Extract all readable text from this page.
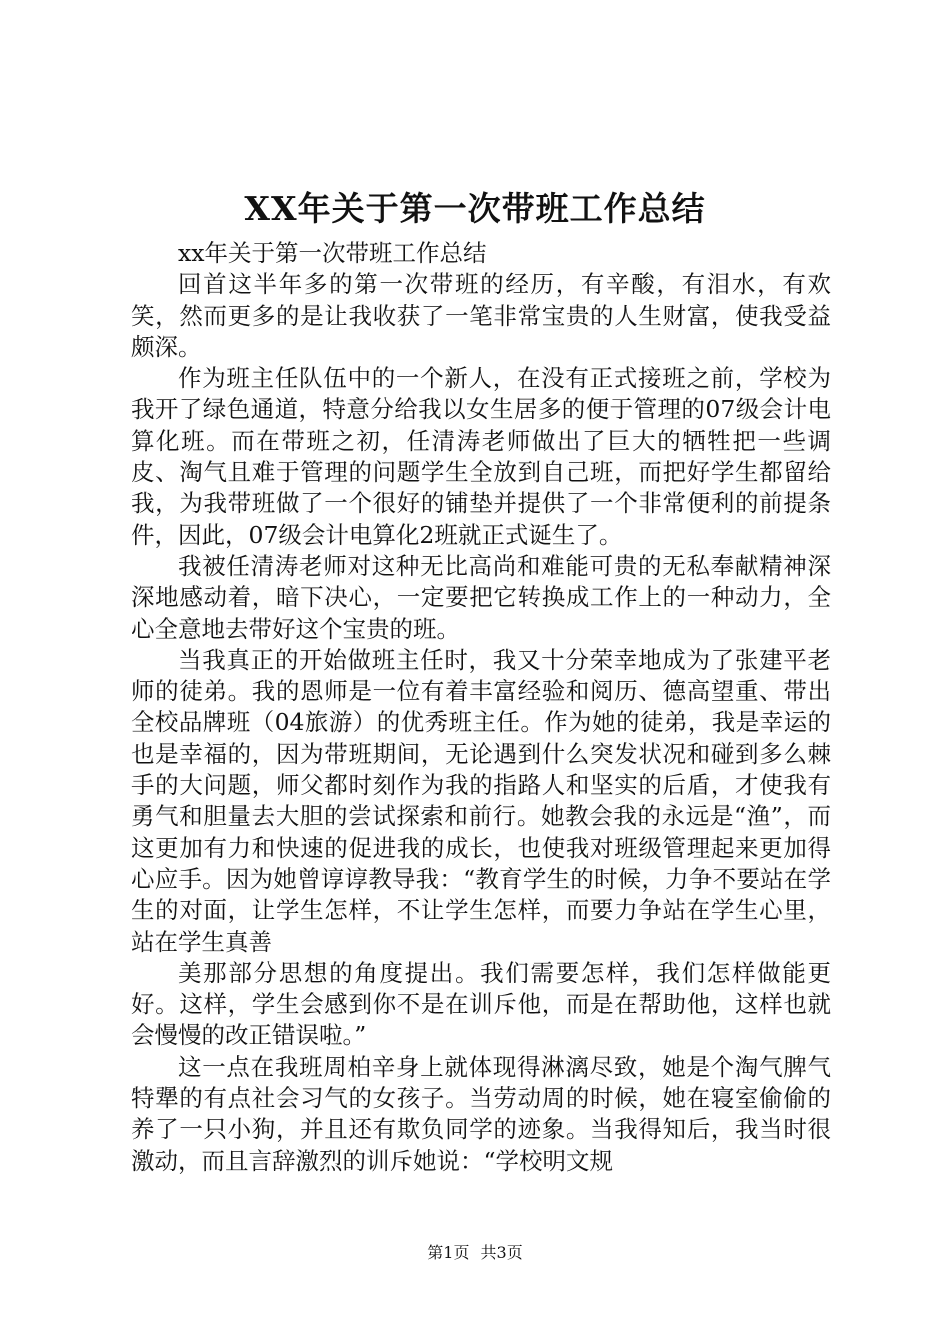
XX年关于第一次带班工作总结

xx年关于第一次带班工作总结

回首这半年多的第一次带班的经历，有辛酸，有泪水，有欢笑，然而更多的是让我收获了一笔非常宝贵的人生财富，使我受益颇深。

作为班主任队伍中的一个新人，在没有正式接班之前，学校为我开了绿色通道，特意分给我以女生居多的便于管理的07级会计电算化班。而在带班之初，任清涛老师做出了巨大的牺牲把一些调皮、淘气且难于管理的问题学生全放到自己班，而把好学生都留给我，为我带班做了一个很好的铺垫并提供了一个非常便利的前提条件，因此，07级会计电算化2班就正式诞生了。

我被任清涛老师对这种无比高尚和难能可贵的无私奉献精神深深地感动着，暗下决心，一定要把它转换成工作上的一种动力，全心全意地去带好这个宝贵的班。

当我真正的开始做班主任时，我又十分荣幸地成为了张建平老师的徒弟。我的恩师是一位有着丰富经验和阅历、德高望重、带出全校品牌班（04旅游）的优秀班主任。作为她的徒弟，我是幸运的也是幸福的，因为带班期间，无论遇到什么突发状况和碰到多么棘手的大问题，师父都时刻作为我的指路人和坚实的后盾，才使我有勇气和胆量去大胆的尝试探索和前行。她教会我的永远是“渔”，而这更加有力和快速的促进我的成长，也使我对班级管理起来更加得心应手。因为她曾谆谆教导我：“教育学生的时候，力争不要站在学生的对面，让学生怎样，不让学生怎样，而要力争站在学生心里，站在学生真善

美那部分思想的角度提出。我们需要怎样，我们怎样做能更好。这样，学生会感到你不是在训斥他，而是在帮助他，这样也就会慢慢的改正错误啦。”

这一点在我班周柏辛身上就体现得淋漓尽致，她是个淘气脾气特犟的有点社会习气的女孩子。当劳动周的时候，她在寝室偷偷的养了一只小狗，并且还有欺负同学的迹象。当我得知后，我当时很激动，而且言辞激烈的训斥她说：“学校明文规

第1页 共3页
